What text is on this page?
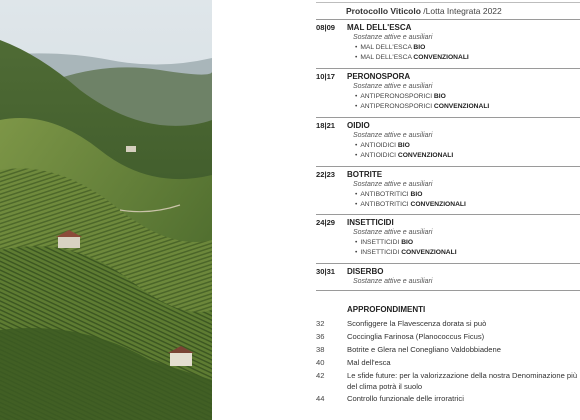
Protocollo Viticolo /Lotta Integrata 2022
08|09 MAL DELL'ESCA
Sostanze attive e ausiliari
• MAL DELL'ESCA BIO
• MAL DELL'ESCA CONVENZIONALI
10|17 PERONOSPORA
Sostanze attive e ausiliari
• ANTIPERONOSPORICI BIO
• ANTIPERONOSPORICI CONVENZIONALI
18|21 OIDIO
Sostanze attive e ausiliari
• ANTIOIDICI BIO
• ANTIOIDICI CONVENZIONALI
22|23 BOTRITE
Sostanze attive e ausiliari
• ANTIBOTRITICI BIO
• ANTIBOTRITICI CONVENZIONALI
24|29 INSETTICIDI
Sostanze attive e ausiliari
• INSETTICIDI BIO
• INSETTICIDI CONVENZIONALI
30|31 DISERBO
Sostanze attive e ausiliari
APPROFONDIMENTI
32	Sconfiggere la Flavescenza dorata si può
36	Coccinglia Farinosa (Planococcus Ficus)
38	Botrite e Glera nel Conegliano Valdobbiadene
40	Mal dell'esca
42	Le sfide future: per la valorizzazione della nostra Denominazione più del clima potrà il suolo
44	Controllo funzionale delle irroratrici
